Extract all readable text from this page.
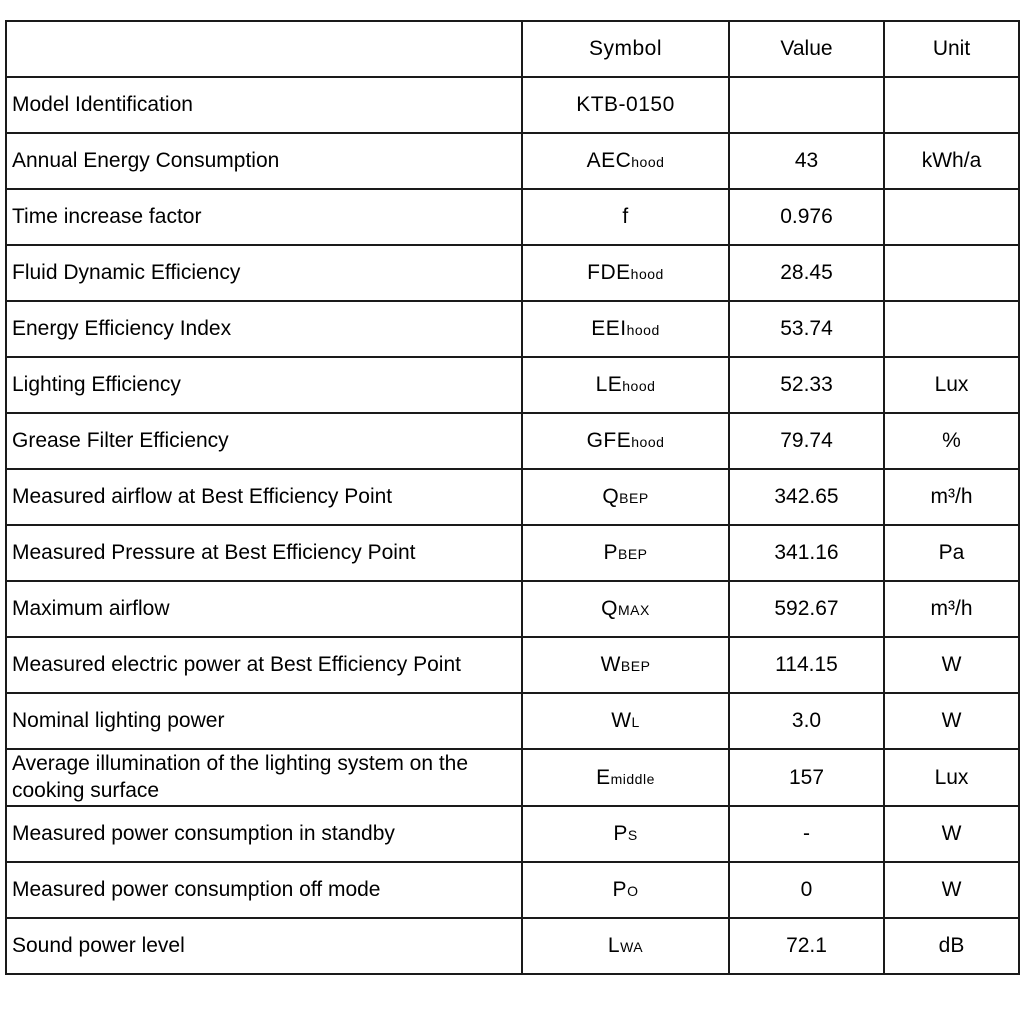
	Symbol	Value	Unit
Model Identification	KTB-0150		
Annual Energy Consumption	AEChood	43	kWh/a
Time increase factor	f	0.976	
Fluid Dynamic Efficiency	FDEhood	28.45	
Energy Efficiency Index	EEIhood	53.74	
Lighting Efficiency	LEhood	52.33	Lux
Grease Filter Efficiency	GFEhood	79.74	%
Measured airflow at Best Efficiency Point	QBEP	342.65	m³/h
Measured Pressure at Best Efficiency Point	PBEP	341.16	Pa
Maximum airflow	QMAX	592.67	m³/h
Measured electric power at Best Efficiency Point	WBEP	114.15	W
Nominal lighting power	WL	3.0	W
Average illumination of the lighting system on the cooking surface	Emiddle	157	Lux
Measured power consumption in standby	PS	-	W
Measured power consumption off mode	PO	0	W
Sound power level	LWA	72.1	dB
